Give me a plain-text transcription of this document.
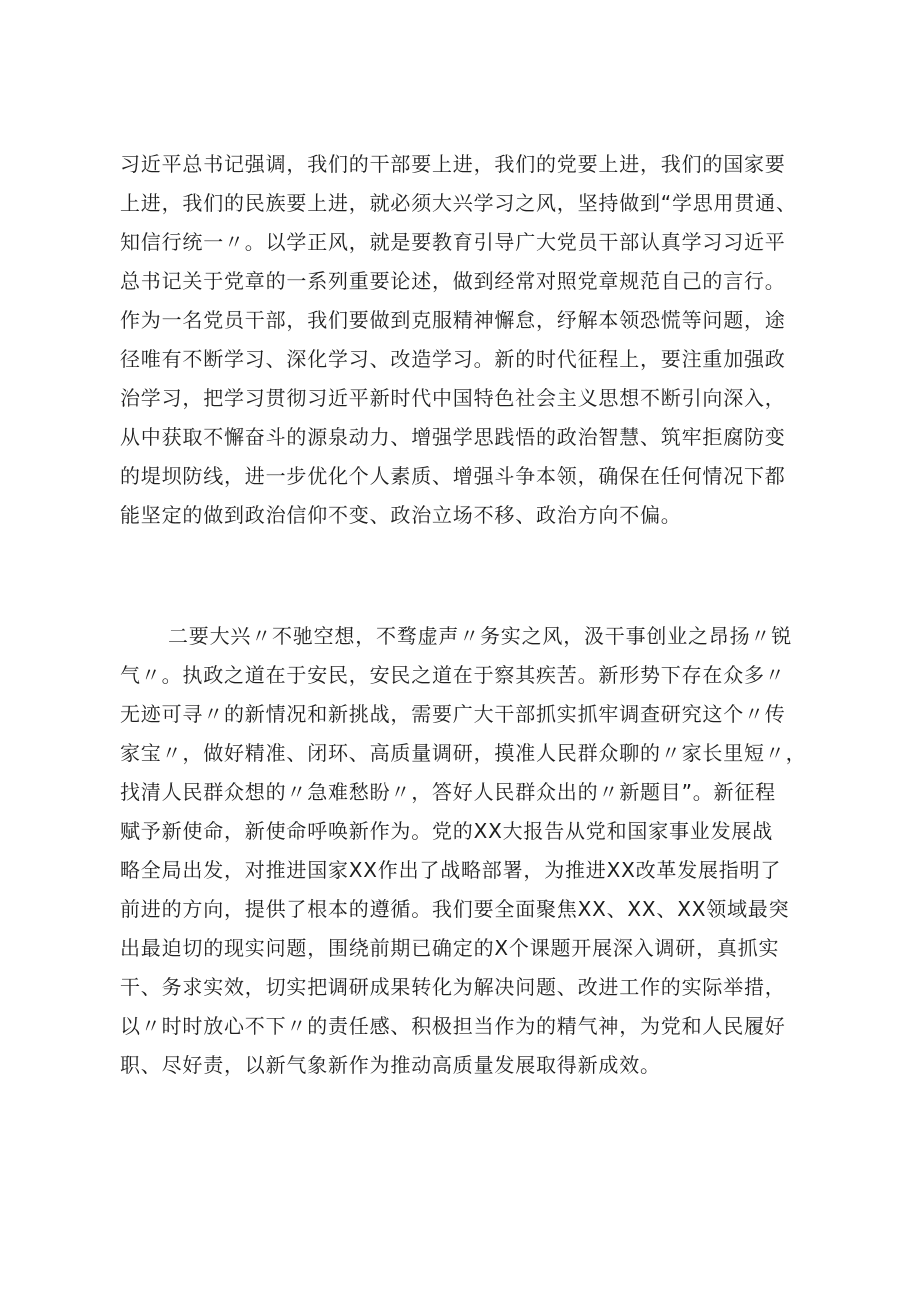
习近平总书记强调，我们的干部要上进，我们的党要上进，我们的国家要
上进，我们的民族要上进，就必须大兴学习之风，坚持做到“学思用贯通、
知信行统一〃。以学正风，就是要教育引导广大党员干部认真学习习近平
总书记关于党章的一系列重要论述，做到经常对照党章规范自己的言行。
作为一名党员干部，我们要做到克服精神懈怠，纾解本领恐慌等问题，途
径唯有不断学习、深化学习、改造学习。新的时代征程上，要注重加强政
治学习，把学习贯彻习近平新时代中国特色社会主义思想不断引向深入，
从中获取不懈奋斗的源泉动力、增强学思践悟的政治智慧、筑牢拒腐防变
的堤坝防线，进一步优化个人素质、增强斗争本领，确保在任何情况下都
能坚定的做到政治信仰不变、政治立场不移、政治方向不偏。
二要大兴〃不驰空想，不骛虚声〃务实之风，汲干事创业之昂扬〃锐
气〃。执政之道在于安民，安民之道在于察其疾苦。新形势下存在众多〃
无迹可寻〃的新情况和新挑战，需要广大干部抓实抓牢调查研究这个〃传
家宝〃，做好精准、闭环、高质量调研，摸准人民群众聊的〃家长里短〃，
找清人民群众想的〃急难愁盼〃，答好人民群众出的〃新题目”。新征程
赋予新使命，新使命呼唤新作为。党的XX大报告从党和国家事业发展战
略全局出发，对推进国家XX作出了战略部署，为推进XX改革发展指明了
前进的方向，提供了根本的遵循。我们要全面聚焦XX、XX、XX领域最突
出最迫切的现实问题，围绕前期已确定的X个课题开展深入调研，真抓实
干、务求实效，切实把调研成果转化为解决问题、改进工作的实际举措，
以〃时时放心不下〃的责任感、积极担当作为的精气神，为党和人民履好
职、尽好责，以新气象新作为推动高质量发展取得新成效。
